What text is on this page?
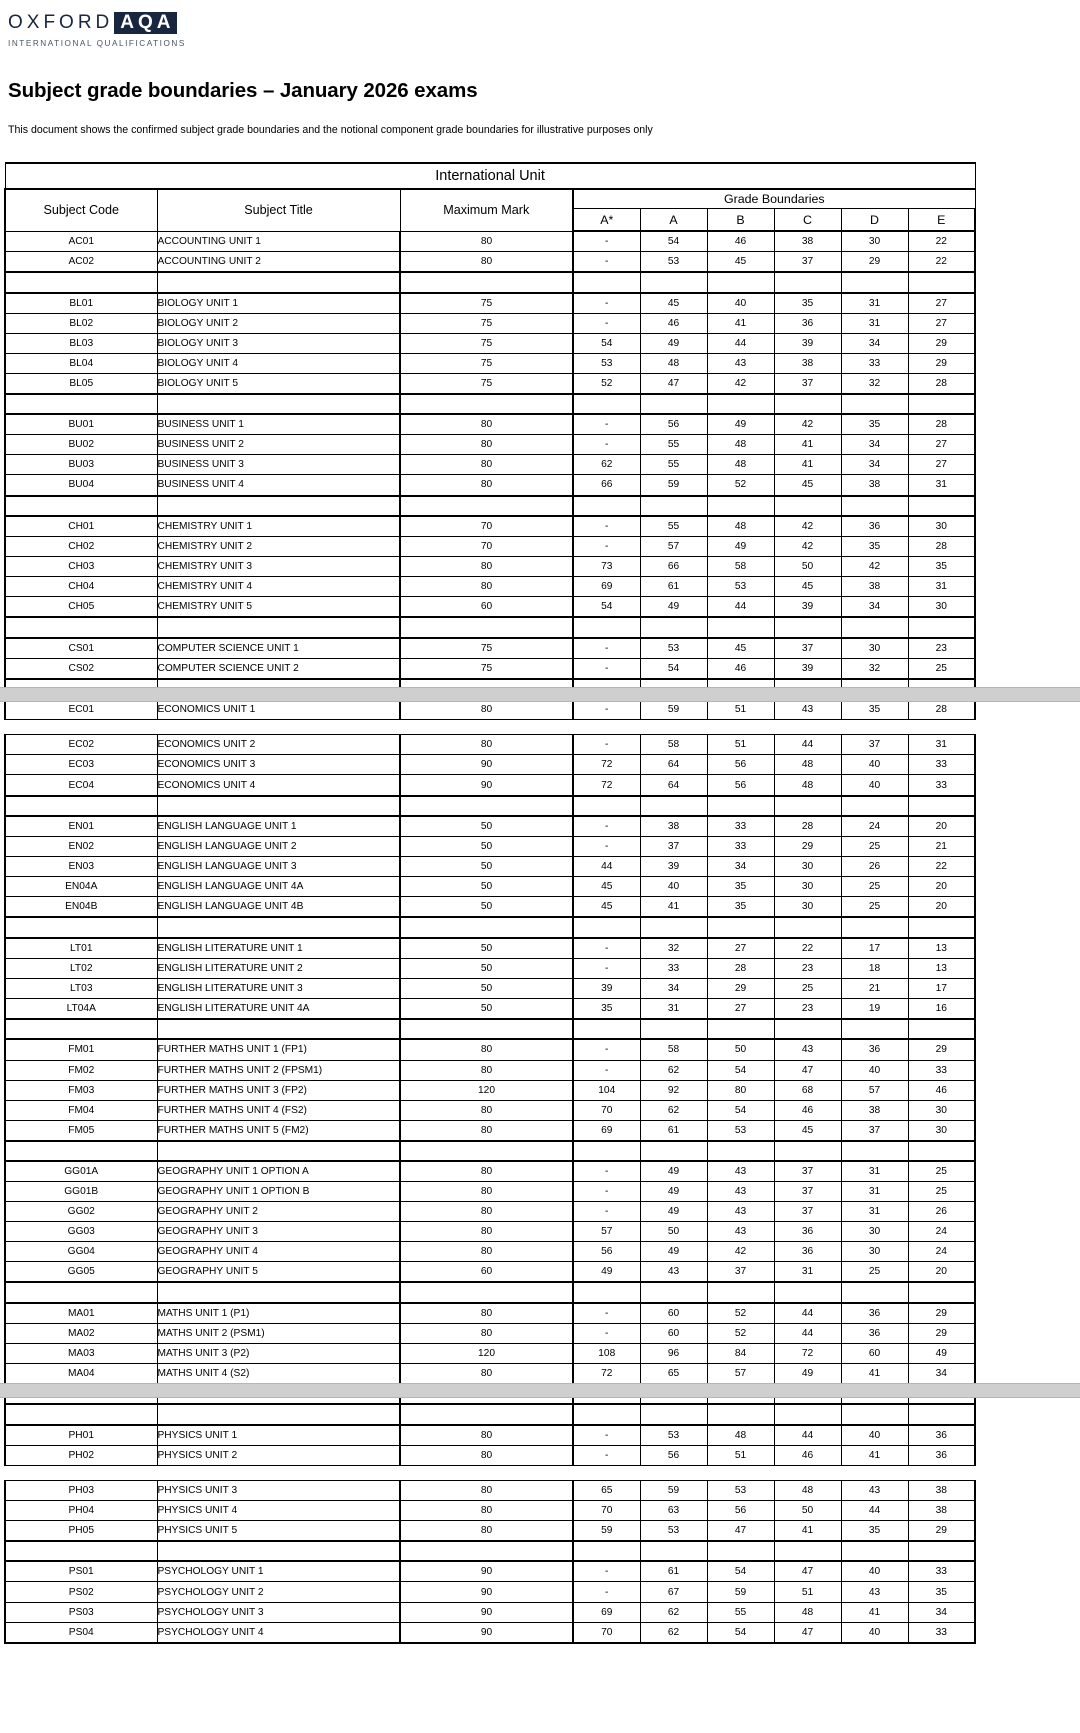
OXFORD AQA
INTERNATIONAL QUALIFICATIONS
Subject grade boundaries – January 2026 exams
This document shows the confirmed subject grade boundaries and the notional component grade boundaries for illustrative purposes only
International Unit								
Subject Code	Subject Title	Maximum Mark	Grade Boundaries					
			A*	A	B	C	D	E
AC01	ACCOUNTING UNIT 1	80	-	54	46	38	30	22
AC02	ACCOUNTING UNIT 2	80	-	53	45	37	29	22

BL01	BIOLOGY UNIT 1	75	-	45	40	35	31	27
BL02	BIOLOGY UNIT 2	75	-	46	41	36	31	27
BL03	BIOLOGY UNIT 3	75	54	49	44	39	34	29
BL04	BIOLOGY UNIT 4	75	53	48	43	38	33	29
BL05	BIOLOGY UNIT 5	75	52	47	42	37	32	28

BU01	BUSINESS UNIT 1	80	-	56	49	42	35	28
BU02	BUSINESS UNIT 2	80	-	55	48	41	34	27
BU03	BUSINESS UNIT 3	80	62	55	48	41	34	27
BU04	BUSINESS UNIT 4	80	66	59	52	45	38	31

CH01	CHEMISTRY UNIT 1	70	-	55	48	42	36	30
CH02	CHEMISTRY UNIT 2	70	-	57	49	42	35	28
CH03	CHEMISTRY UNIT 3	80	73	66	58	50	42	35
CH04	CHEMISTRY UNIT 4	80	69	61	53	45	38	31
CH05	CHEMISTRY UNIT 5	60	54	49	44	39	34	30

CS01	COMPUTER SCIENCE UNIT 1	75	-	53	45	37	30	23
CS02	COMPUTER SCIENCE UNIT 2	75	-	54	46	39	32	25

EC01	ECONOMICS UNIT 1	80	-	59	51	43	35	28

EC02	ECONOMICS UNIT 2	80	-	58	51	44	37	31
EC03	ECONOMICS UNIT 3	90	72	64	56	48	40	33
EC04	ECONOMICS UNIT 4	90	72	64	56	48	40	33

EN01	ENGLISH LANGUAGE UNIT 1	50	-	38	33	28	24	20
EN02	ENGLISH LANGUAGE UNIT 2	50	-	37	33	29	25	21
EN03	ENGLISH LANGUAGE UNIT 3	50	44	39	34	30	26	22
EN04A	ENGLISH LANGUAGE UNIT 4A	50	45	40	35	30	25	20
EN04B	ENGLISH LANGUAGE UNIT 4B	50	45	41	35	30	25	20

LT01	ENGLISH LITERATURE UNIT 1	50	-	32	27	22	17	13
LT02	ENGLISH LITERATURE UNIT 2	50	-	33	28	23	18	13
LT03	ENGLISH LITERATURE UNIT 3	50	39	34	29	25	21	17
LT04A	ENGLISH LITERATURE UNIT 4A	50	35	31	27	23	19	16

FM01	FURTHER MATHS UNIT 1 (FP1)	80	-	58	50	43	36	29
FM02	FURTHER MATHS UNIT 2 (FPSM1)	80	-	62	54	47	40	33
FM03	FURTHER MATHS UNIT 3 (FP2)	120	104	92	80	68	57	46
FM04	FURTHER MATHS UNIT 4 (FS2)	80	70	62	54	46	38	30
FM05	FURTHER MATHS UNIT 5 (FM2)	80	69	61	53	45	37	30

GG01A	GEOGRAPHY UNIT 1 OPTION A	80	-	49	43	37	31	25
GG01B	GEOGRAPHY UNIT 1 OPTION B	80	-	49	43	37	31	25
GG02	GEOGRAPHY UNIT 2	80	-	49	43	37	31	26
GG03	GEOGRAPHY UNIT 3	80	57	50	43	36	30	24
GG04	GEOGRAPHY UNIT 4	80	56	49	42	36	30	24
GG05	GEOGRAPHY UNIT 5	60	49	43	37	31	25	20

MA01	MATHS UNIT 1 (P1)	80	-	60	52	44	36	29
MA02	MATHS UNIT 2 (PSM1)	80	-	60	52	44	36	29
MA03	MATHS UNIT 3 (P2)	120	108	96	84	72	60	49
MA04	MATHS UNIT 4 (S2)	80	72	65	57	49	41	34

PH01	PHYSICS UNIT 1	80	-	53	48	44	40	36
PH02	PHYSICS UNIT 2	80	-	56	51	46	41	36

PH03	PHYSICS UNIT 3	80	65	59	53	48	43	38
PH04	PHYSICS UNIT 4	80	70	63	56	50	44	38
PH05	PHYSICS UNIT 5	80	59	53	47	41	35	29

PS01	PSYCHOLOGY UNIT 1	90	-	61	54	47	40	33
PS02	PSYCHOLOGY UNIT 2	90	-	67	59	51	43	35
PS03	PSYCHOLOGY UNIT 3	90	69	62	55	48	41	34
PS04	PSYCHOLOGY UNIT 4	90	70	62	54	47	40	33
